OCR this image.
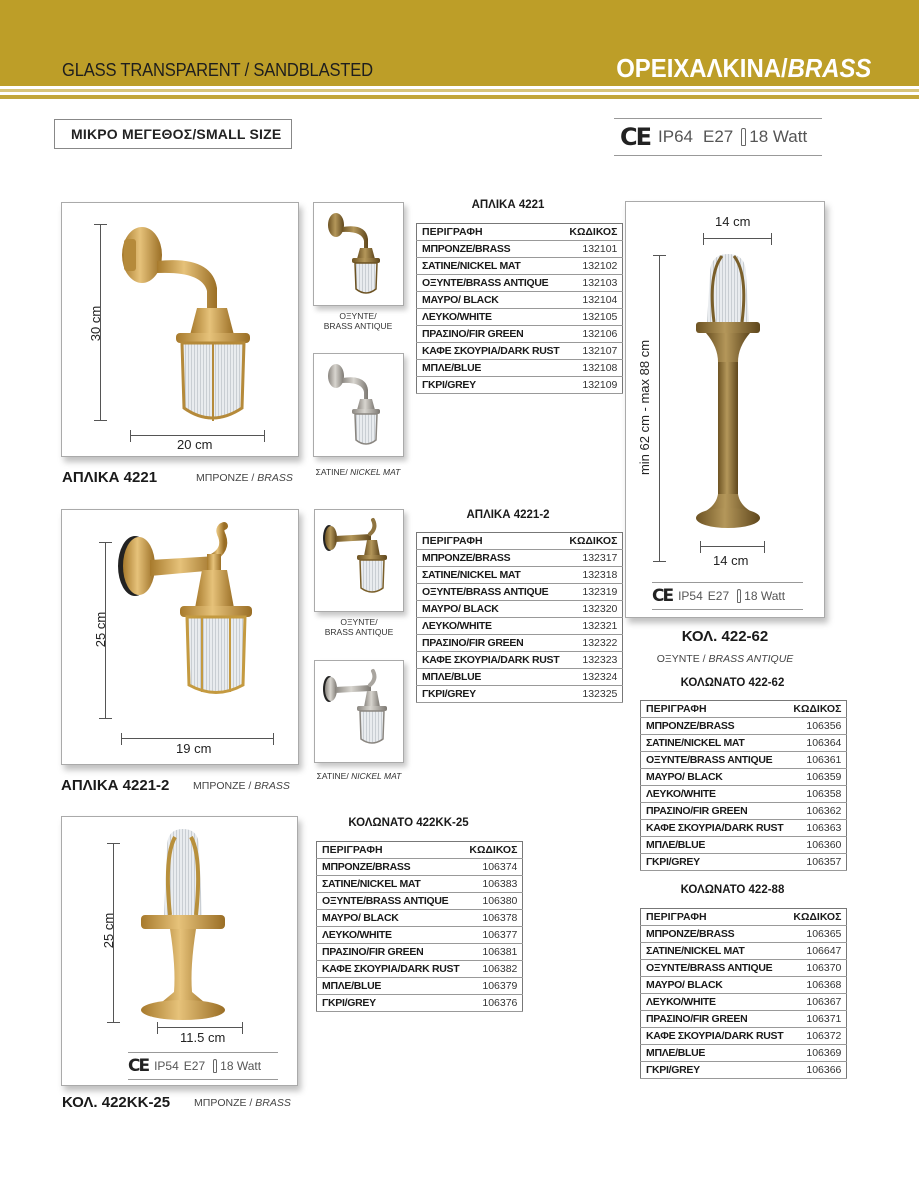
GLASS TRANSPARENT / SANDBLASTED	ΟΡΕΙΧΑΛΚΙΝΑ/BRASS
ΜΙΚΡΟ ΜΕΓΕΘΟΣ/SMALL SIZE	CE IP64 E27 18 Watt
30 cm
20 cm
ΑΠΛΙΚΑ 4221	ΜΠΡΟΝΖΕ / BRASS
ΟΞΥΝΤΕ/
BRASS ANTIQUE
ΣΑΤΙΝΕ/ NICKEL MAT
ΑΠΛΙΚΑ 4221
ΠΕΡΙΓΡΑΦΗ	ΚΩΔΙΚΟΣ
ΜΠΡΟΝΖΕ/BRASS	132101
ΣΑΤΙΝΕ/NICKEL MAT	132102
ΟΞΥΝΤΕ/BRASS ANTIQUE	132103
ΜΑΥΡΟ/ BLACK	132104
ΛΕΥΚΟ/WHITE	132105
ΠΡΑΣΙΝΟ/FIR GREEN	132106
ΚΑΦΕ ΣΚΟΥΡΙΑ/DARK RUST	132107
ΜΠΛΕ/BLUE	132108
ΓΚΡΙ/GREY	132109
25 cm
19 cm
ΑΠΛΙΚΑ 4221-2 ΜΠΡΟΝΖΕ / BRASS
ΟΞΥΝΤΕ/
BRASS ANTIQUE
ΣΑΤΙΝΕ/ NICKEL MAT
ΑΠΛΙΚΑ 4221-2
ΠΕΡΙΓΡΑΦΗ	ΚΩΔΙΚΟΣ
ΜΠΡΟΝΖΕ/BRASS	132317
ΣΑΤΙΝΕ/NICKEL MAT	132318
ΟΞΥΝΤΕ/BRASS ANTIQUE	132319
ΜΑΥΡΟ/ BLACK	132320
ΛΕΥΚΟ/WHITE	132321
ΠΡΑΣΙΝΟ/FIR GREEN	132322
ΚΑΦΕ ΣΚΟΥΡΙΑ/DARK RUST	132323
ΜΠΛΕ/BLUE	132324
ΓΚΡΙ/GREY	132325
25 cm
11.5 cm
CE IP54 E27 18 Watt
ΚΟΛ. 422ΚΚ-25 ΜΠΡΟΝΖΕ / BRASS
ΚΟΛΩΝΑΤΟ 422ΚΚ-25
ΠΕΡΙΓΡΑΦΗ	ΚΩΔΙΚΟΣ
ΜΠΡΟΝΖΕ/BRASS	106374
ΣΑΤΙΝΕ/NICKEL MAT	106383
ΟΞΥΝΤΕ/BRASS ANTIQUE	106380
ΜΑΥΡΟ/ BLACK	106378
ΛΕΥΚΟ/WHITE	106377
ΠΡΑΣΙΝΟ/FIR GREEN	106381
ΚΑΦΕ ΣΚΟΥΡΙΑ/DARK RUST	106382
ΜΠΛΕ/BLUE	106379
ΓΚΡΙ/GREY	106376
14 cm
min 62 cm - max 88 cm
14 cm
CE IP54 E27 18 Watt
ΚΟΛ. 422-62
ΟΞΥΝΤΕ / BRASS ANTIQUE
ΚΟΛΩΝΑΤΟ 422-62
ΠΕΡΙΓΡΑΦΗ	ΚΩΔΙΚΟΣ
ΜΠΡΟΝΖΕ/BRASS	106356
ΣΑΤΙΝΕ/NICKEL MAT	106364
ΟΞΥΝΤΕ/BRASS ANTIQUE	106361
ΜΑΥΡΟ/ BLACK	106359
ΛΕΥΚΟ/WHITE	106358
ΠΡΑΣΙΝΟ/FIR GREEN	106362
ΚΑΦΕ ΣΚΟΥΡΙΑ/DARK RUST	106363
ΜΠΛΕ/BLUE	106360
ΓΚΡΙ/GREY	106357
ΚΟΛΩΝΑΤΟ 422-88
ΠΕΡΙΓΡΑΦΗ	ΚΩΔΙΚΟΣ
ΜΠΡΟΝΖΕ/BRASS	106365
ΣΑΤΙΝΕ/NICKEL MAT	106647
ΟΞΥΝΤΕ/BRASS ANTIQUE	106370
ΜΑΥΡΟ/ BLACK	106368
ΛΕΥΚΟ/WHITE	106367
ΠΡΑΣΙΝΟ/FIR GREEN	106371
ΚΑΦΕ ΣΚΟΥΡΙΑ/DARK RUST	106372
ΜΠΛΕ/BLUE	106369
ΓΚΡΙ/GREY	106366
